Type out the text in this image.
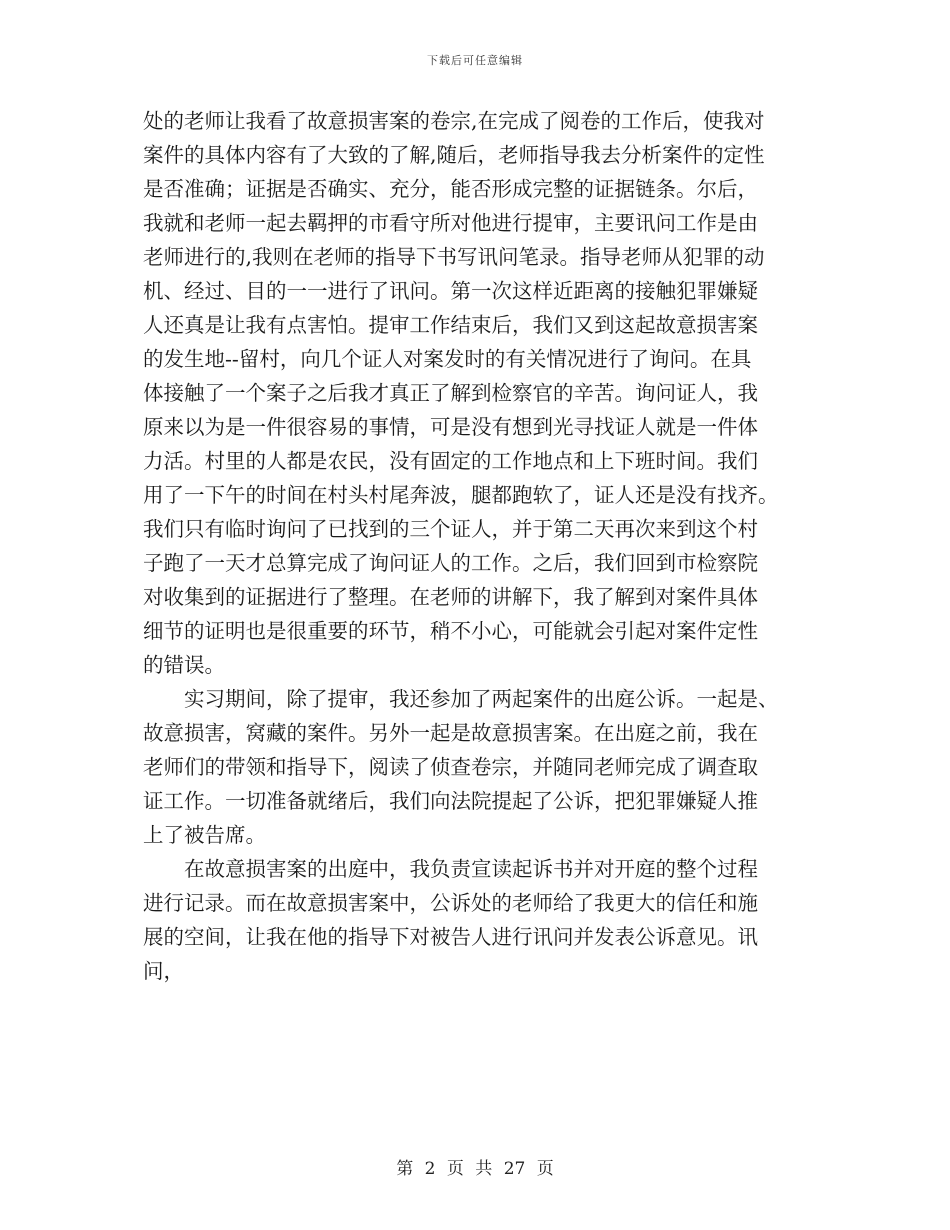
下载后可任意编辑
处的老师让我看了故意损害案的卷宗,在完成了阅卷的工作后，使我对
案件的具体内容有了大致的了解,随后，老师指导我去分析案件的定性
是否准确；证据是否确实、充分，能否形成完整的证据链条。尔后，
我就和老师一起去羁押的市看守所对他进行提审，主要讯问工作是由
老师进行的,我则在老师的指导下书写讯问笔录。指导老师从犯罪的动
机、经过、目的一一进行了讯问。第一次这样近距离的接触犯罪嫌疑
人还真是让我有点害怕。提审工作结束后，我们又到这起故意损害案
的发生地--留村，向几个证人对案发时的有关情况进行了询问。在具
体接触了一个案子之后我才真正了解到检察官的辛苦。询问证人，我
原来以为是一件很容易的事情，可是没有想到光寻找证人就是一件体
力活。村里的人都是农民，没有固定的工作地点和上下班时间。我们
用了一下午的时间在村头村尾奔波，腿都跑软了，证人还是没有找齐。
我们只有临时询问了已找到的三个证人，并于第二天再次来到这个村
子跑了一天才总算完成了询问证人的工作。之后，我们回到市检察院
对收集到的证据进行了整理。在老师的讲解下，我了解到对案件具体
细节的证明也是很重要的环节，稍不小心，可能就会引起对案件定性
的错误。
　　实习期间，除了提审，我还参加了两起案件的出庭公诉。一起是、
故意损害，窝藏的案件。另外一起是故意损害案。在出庭之前，我在
老师们的带领和指导下，阅读了侦查卷宗，并随同老师完成了调查取
证工作。一切准备就绪后，我们向法院提起了公诉，把犯罪嫌疑人推
上了被告席。
　　在故意损害案的出庭中，我负责宣读起诉书并对开庭的整个过程
进行记录。而在故意损害案中，公诉处的老师给了我更大的信任和施
展的空间，让我在他的指导下对被告人进行讯问并发表公诉意见。讯
问，
第 2 页 共 27 页
